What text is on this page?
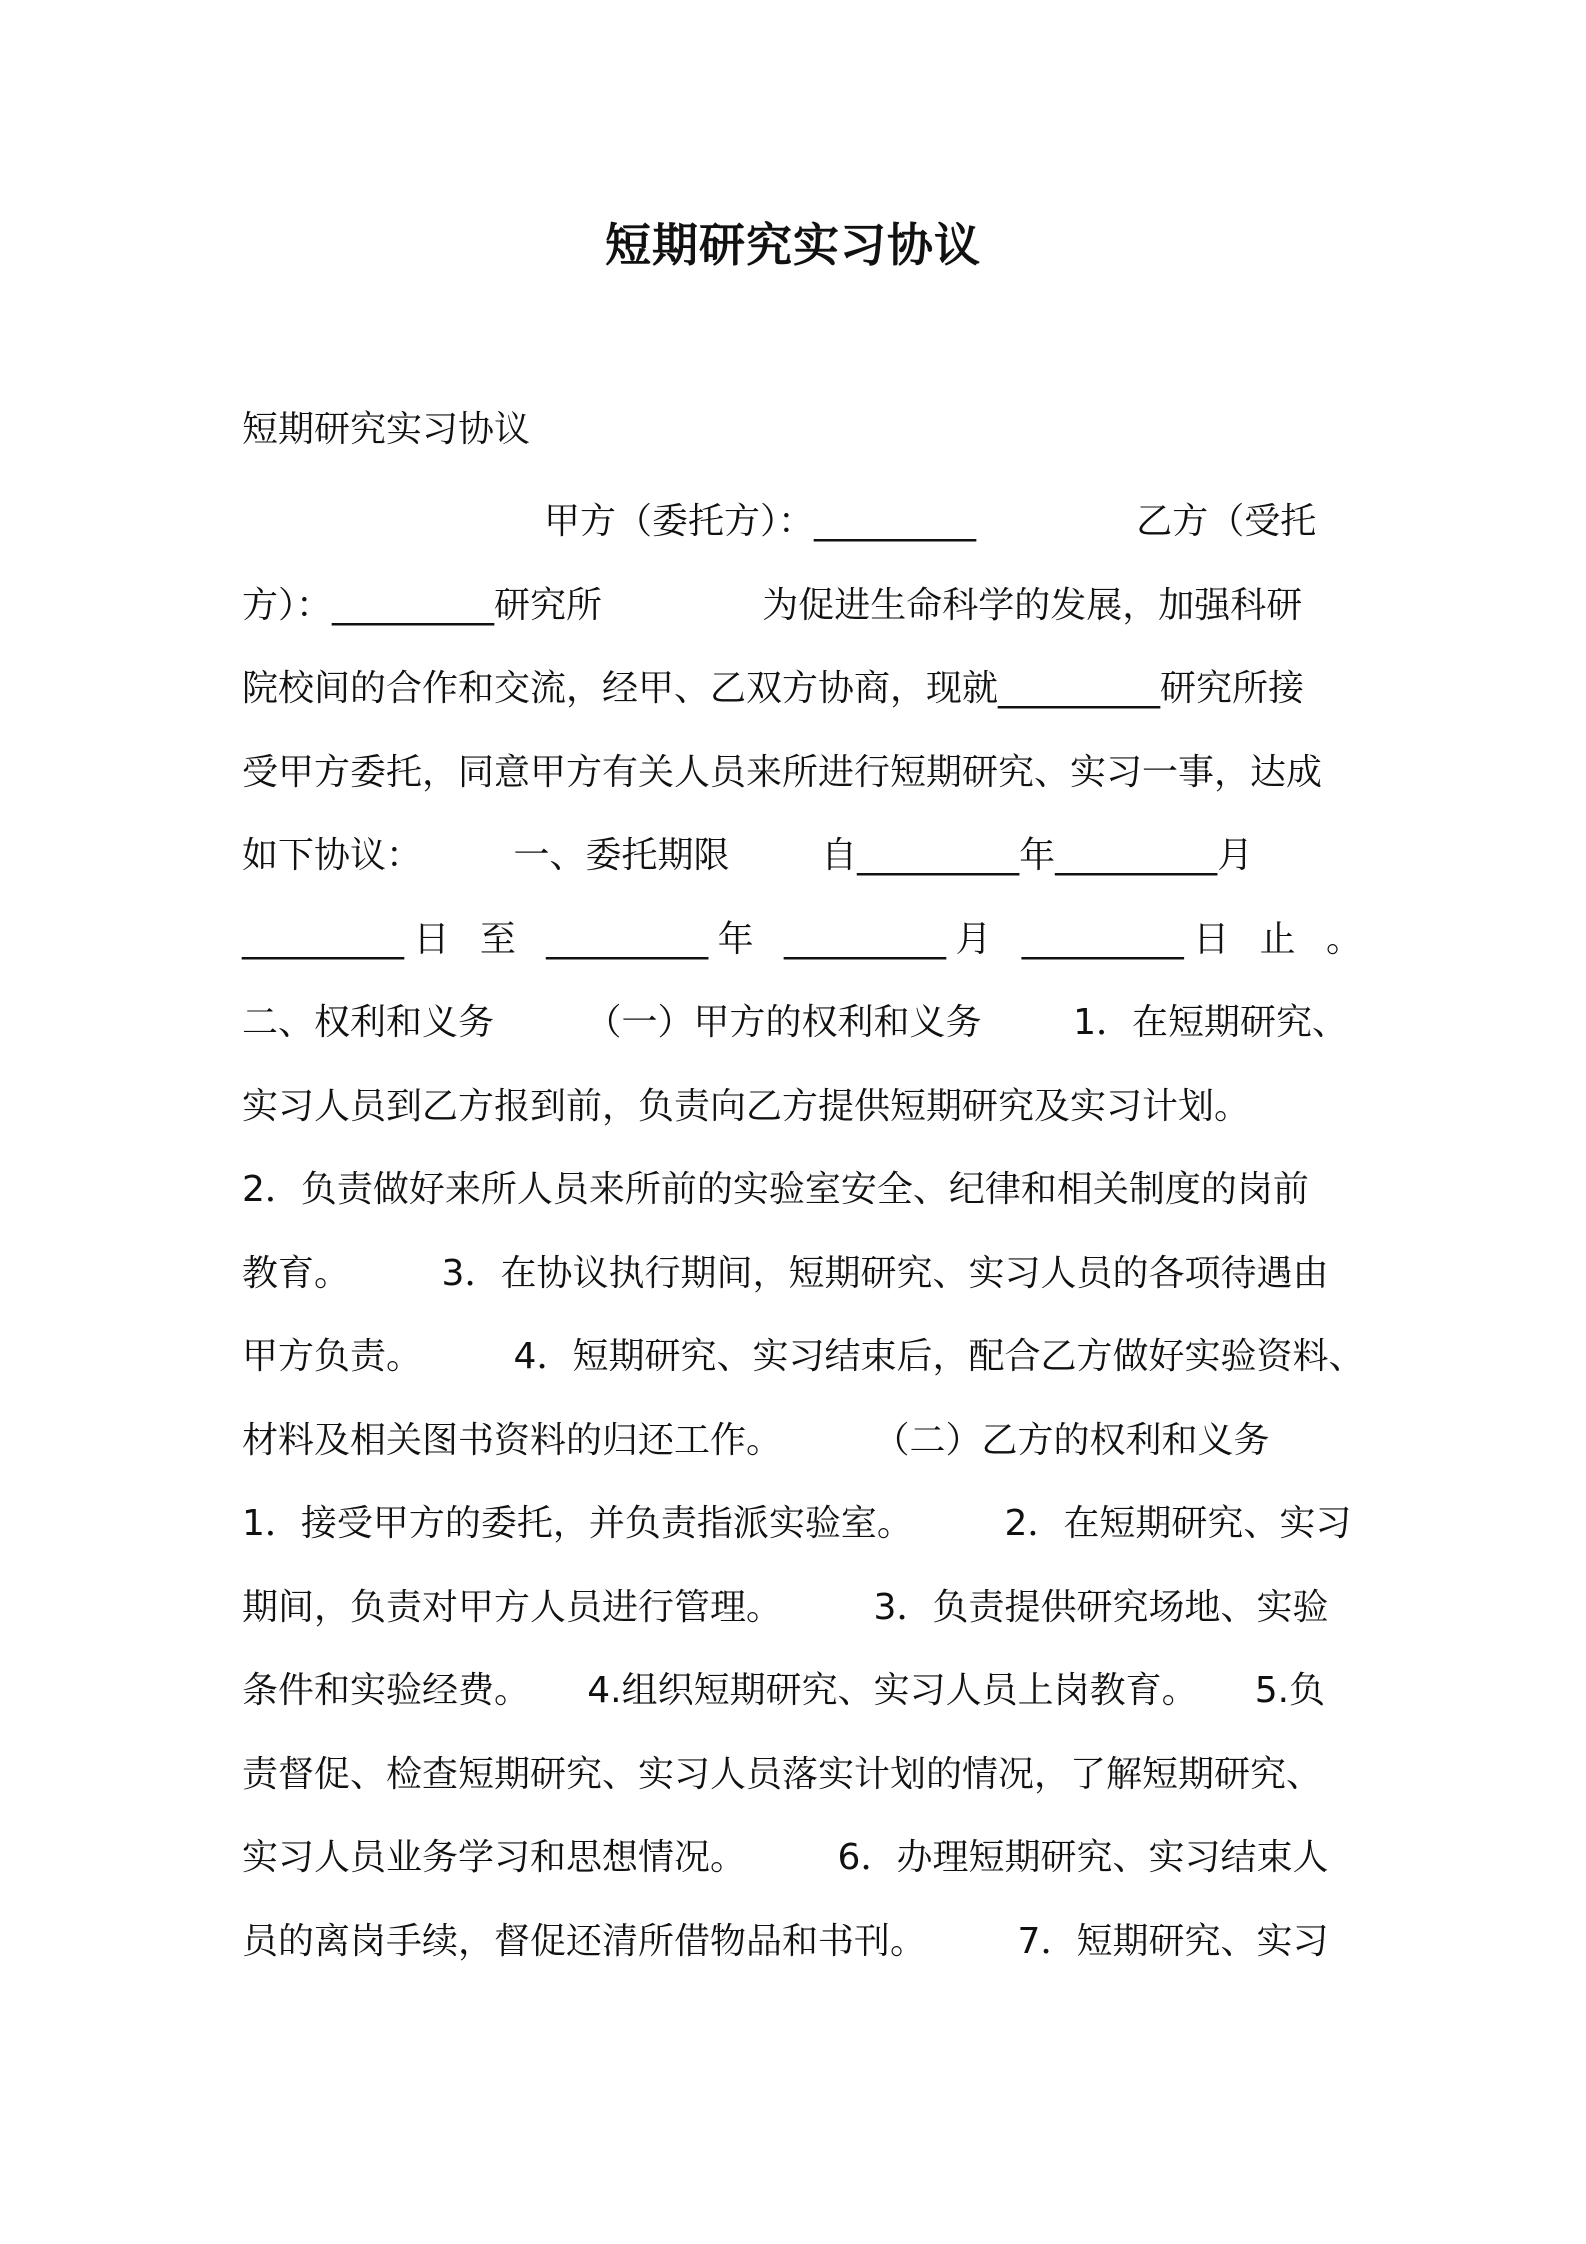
短期研究实习协议
短期研究实习协议
甲方（委托方）：_________              乙方（受托
方）：_________研究所              为促进生命科学的发展，加强科研
院校间的合作和交流，经甲、乙双方协商，现就_________研究所接
受甲方委托，同意甲方有关人员来所进行短期研究、实习一事，达成
如下协议：        一、委托期限        自_________年_________月
_________日 至 _________年 _________月 _________日 止 。
二、权利和义务        （一）甲方的权利和义务        1．在短期研究、
实习人员到乙方报到前，负责向乙方提供短期研究及实习计划。
2．负责做好来所人员来所前的实验室安全、纪律和相关制度的岗前
教育。        3．在协议执行期间，短期研究、实习人员的各项待遇由
甲方负责。        4．短期研究、实习结束后，配合乙方做好实验资料、
材料及相关图书资料的归还工作。        （二）乙方的权利和义务
1．接受甲方的委托，并负责指派实验室。        2．在短期研究、实习
期间，负责对甲方人员进行管理。        3．负责提供研究场地、实验
条件和实验经费。     4.组织短期研究、实习人员上岗教育。     5.负
责督促、检查短期研究、实习人员落实计划的情况，了解短期研究、
实习人员业务学习和思想情况。        6．办理短期研究、实习结束人
员的离岗手续，督促还清所借物品和书刊。        7．短期研究、实习
